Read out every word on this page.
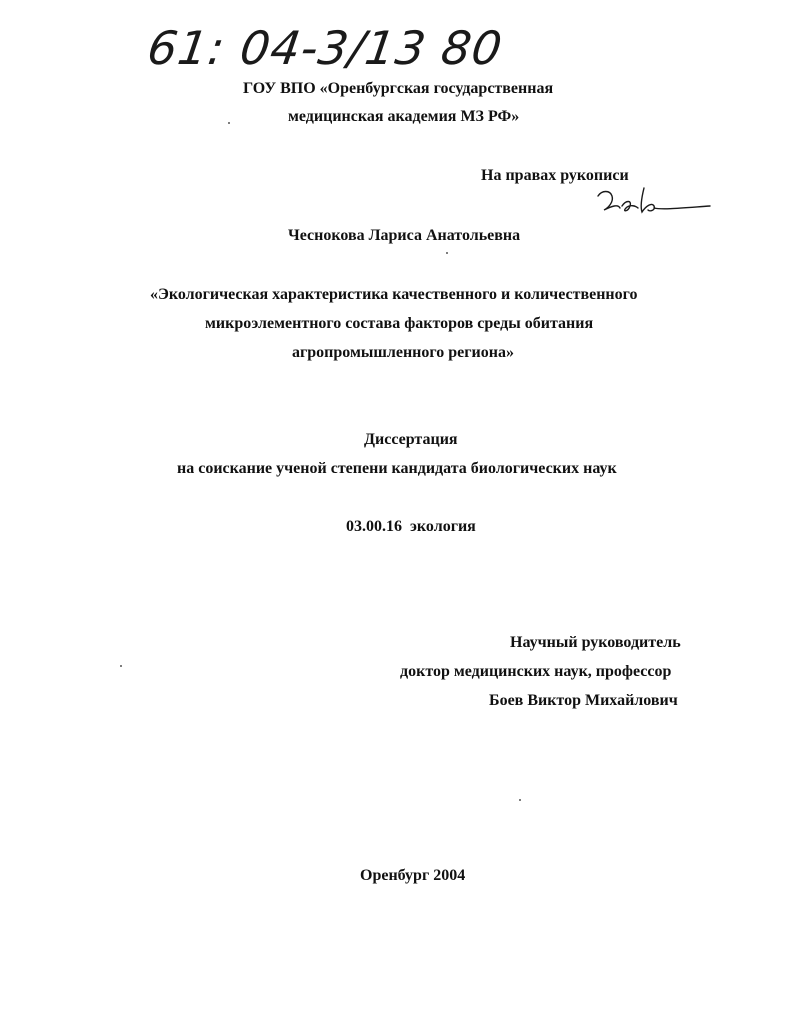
61: 04-3/13 80
ГОУ ВПО «Оренбургская государственная
медицинская академия МЗ РФ»
На правах рукописи
Чеснокова Лариса Анатольевна
«Экологическая характеристика качественного и количественного
микроэлементного состава факторов среды обитания
агропромышленного региона»
Диссертация
на соискание ученой степени кандидата биологических наук
03.00.16 экология
Научный руководитель
доктор медицинских наук, профессор
Боев Виктор Михайлович
Оренбург 2004
